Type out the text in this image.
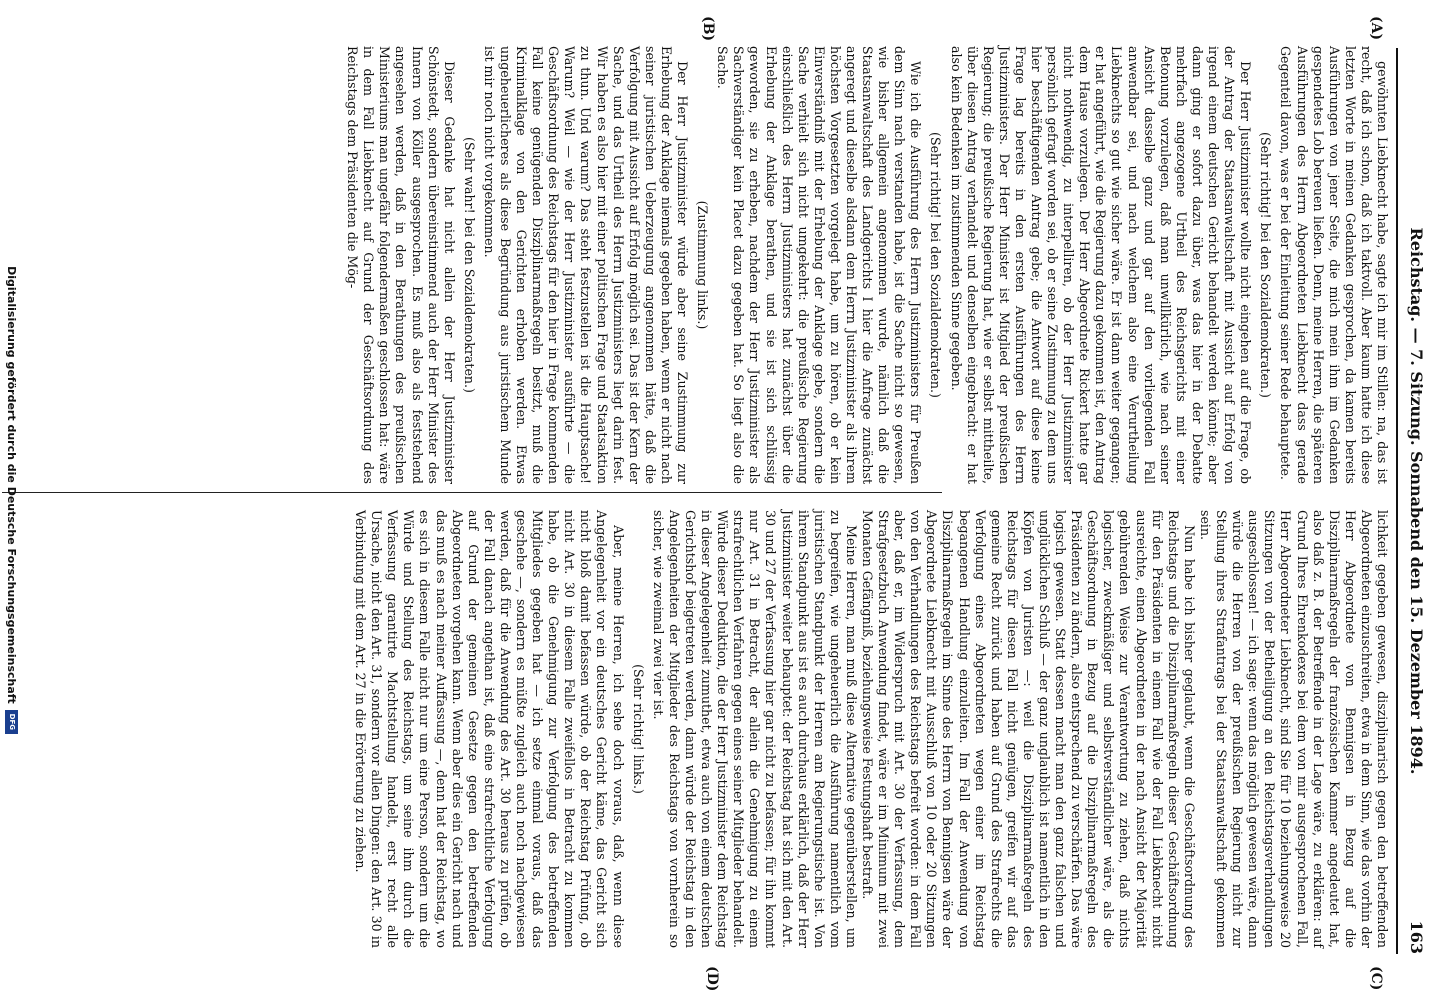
Reichstag. — 7. Sitzung. Sonnabend den 15. Dezember 1894.
163
(A)
(B)
(C)
(D)

gewöhnten Liebknecht habe, sagte ich mir im Stillen: na, das ist recht, daß ich schon, daß ich taktvoll. Aber kaum hatte ich diese letzten Worte in meinen Gedanken gesprochen, da kamen bereits Ausführungen von jener Seite, die mich mein ihm im Gedanken gespendetes Lob bereuen ließen. Denn, meine Herren, die späteren Ausführungen des Herrn Abgeordneten Liebknecht dass gerade Gegenteil davon, was er bei der Einleitung seiner Rede behauptete.

(Sehr richtig! bei den Sozialdemokraten.)

Der Herr Justizminister wollte nicht eingehen auf die Frage, ob der Antrag der Staatsanwaltschaft mit Aussicht auf Erfolg von irgend einem deutschen Gericht behandelt werden könnte; aber dann ging er sofort dazu über, was das hier in der Debatte mehrfach angezogene Urtheil des Reichsgerichts mit einer Betonung vorzulegen, daß man unwillkürlich, wie nach seiner Ansicht dasselbe ganz und gar auf den vorliegenden Fall anwendbar sei, und nach welchem also eine Verurtheilung Liebknechts so gut wie sicher wäre. Er ist dann weiter gegangen; er hat angeführt, wie die Regierung dazu gekommen ist, den Antrag dem Hause vorzulegen. Der Herr Abgeordnete Rickert hatte gar nicht nothwendig, zu interpelliren, ob der Herr Justizminister persönlich gefragt worden sei, ob er seine Zustimmung zu dem uns hier beschäftigenden Antrag gebe; die Antwort auf diese keine Frage lag bereits in den ersten Ausführungen des Herrn Justizministers. Der Herr Minister ist Mitglied der preußischen Regierung; die preußische Regierung hat, wie er selbst mittheilte, über diesen Antrag verhandelt und denselben eingebracht: er hat also kein Bedenken im zustimmenden Sinne gegeben.

(Sehr richtig! bei den Sozialdemokraten.)

Wie ich die Ausführung des Herrn Justizministers für Preußen dem Sinn nach verstanden habe, ist die Sache nicht so gewesen, wie bisher allgemein angenommen wurde, nämlich daß die Staatsanwaltschaft des Landgerichts I hier die Anfrage zunächst angeregt und dieselbe alsdann dem Herrn Justizminister als ihrem höchsten Vorgesetzten vorgelegt habe, um zu hören, ob er kein Einverständniß mit der Erhebung der Anklage gebe, sondern die Sache verhielt sich nicht umgekehrt: die preußische Regierung einschließlich des Herrn Justizministers hat zunächst über die Erhebung der Anklage berathen, und sie ist sich schlüssig geworden, sie zu erheben, nachdem der Herr Justizminister als Sachverständiger kein Placet dazu gegeben hat. So liegt also die Sache.

(Zustimmung links.)

Der Herr Justizminister würde aber seine Zustimmung zur Erhebung der Anklage niemals gegeben haben, wenn er nicht nach seiner juristischen Ueberzeugung angenommen hätte, daß die Verfolgung mit Aussicht auf Erfolg möglich sei. Das ist der Kern der Sache, und das Urtheil des Herrn Justizministers liegt darin fest. Wir haben es also hier mit einer politischen Frage und Staatsaktion zu thun. Und warum? Das steht festzustellen ist die Hauptsache! Warum? Weil — wie der Herr Justizminister ausführte — die Geschäftsordnung des Reichstags für den hier in Frage kommenden Fall keine genügenden Disziplinarmaßregeln besitzt, muß die Kriminalklage von den Gerichten erhoben werden. Etwas ungeheuerlicheres als diese Begründung aus juristischem Munde ist mir noch nicht vorgekommen.

(Sehr wahr! bei den Sozialdemokraten.)

Dieser Gedanke hat nicht allein der Herr Justizminister Schönstedt, sondern übereinstimmend auch der Herr Minister des Innern von Köller ausgesprochen. Es muß also als feststehend angesehen werden, daß in den Berathungen des preußischen Ministeriums man ungefähr folgendermaßen geschlossen hat: wäre in dem Fall Liebknecht auf Grund der Geschäftsordnung des Reichstags dem Präsidenten die Mög-

lichkeit gegeben gewesen, disziplinarisch gegen den betreffenden Abgeordneten einzuschreiten, etwa in dem Sinn, wie das vorhin der Herr Abgeordnete von Bennigsen in Bezug auf die Disziplinarmaßregeln der französischen Kammer angedeutet hat, also daß z. B. der Betreffende in der Lage wäre, zu erklären: auf Grund Ihres Ehrenkodexes bei dem von mir ausgesprochenen Fall, Herr Abgeordneter Liebknecht, sind Sie für 10 beziehungsweise 20 Sitzungen von der Betheiligung an den Reichstagsverhandlungen ausgeschlossen! — ich sage: wenn das möglich gewesen wäre, dann würde die Herren von der preußischen Regierung nicht zur Stellung ihres Strafantrags bei der Staatsanwaltschaft gekommen sein.

Nun habe ich bisher geglaubt, wenn die Geschäftsordnung des Reichstags und die Disziplinarmaßregeln dieser Geschäftsordnung für den Präsidenten in einem Fall wie der Fall Liebknecht nicht ausreichte, einen Abgeordneten in der nach Ansicht der Majorität gebührenden Weise zur Verantwortung zu ziehen, daß nichts logischer, zweckmäßiger und selbstverständlicher wäre, als die Geschäftsordnung in Bezug auf die Disziplinarmaßregeln des Präsidenten zu ändern, also entsprechend zu verschärfen. Das wäre logisch gewesen. Statt dessen macht man den ganz falschen und unglücklichen Schluß — der ganz unglaublich ist namentlich in den Köpfen von Juristen —: weil die Disziplinarmaßregeln des Reichstags für diesen Fall nicht genügen, greifen wir auf das gemeine Recht zurück und haben auf Grund des Strafrechts die Verfolgung eines Abgeordneten wegen einer im Reichstag begangenen Handlung einzuleiten. Im Fall der Anwendung von Disziplinarmaßregeln im Sinne des Herrn von Bennigsen wäre der Abgeordnete Liebknecht mit Ausschluß von 10 oder 20 Sitzungen von den Verhandlungen des Reichstags befreit worden: in dem Fall aber, daß er, im Widerspruch mit Art. 30 der Verfassung, dem Strafgesetzbuch Anwendung findet, wäre er im Minimum mit zwei Monaten Gefängniß, beziehungsweise Festungshaft bestraft.

Meine Herren, man muß diese Alternative gegenüberstellen, um zu begreifen, wie ungeheuerlich die Ausführung namentlich vom juristischen Standpunkt der Herren am Regierungstische ist. Von ihrem Standpunkt aus ist es auch durchaus erklärlich, daß der Herr Justizminister weiter behauptet: der Reichstag hat sich mit den Art. 30 und 27 der Verfassung hier gar nicht zu befassen; für ihn kommt nur Art. 31 in Betracht, der allein die Genehmigung zu einem strafrechtlichen Verfahren gegen eines seiner Mitglieder behandelt. Würde dieser Deduktion, die der Herr Justizminister dem Reichstag in dieser Angelegenheit zumuthet, etwa auch von einem deutschen Gerichtshof beigetreten werden, dann würde der Reichstag in den Angelegenheiten der Mitglieder des Reichstags von vornherein so sicher, wie zweimal zwei vier ist.

(Sehr richtig! links.)

Aber, meine Herren, ich sehe doch voraus, daß, wenn diese Angelegenheit vor ein deutsches Gericht käme, das Gericht sich nicht bloß damit befassen würde, ob der Reichstag Prüfung, ob nicht Art. 30 in diesem Falle zweifellos in Betracht zu kommen habe, ob die Genehmigung zur Verfolgung des betreffenden Mitgliedes gegeben hat — ich setze einmal voraus, daß das geschehe —, sondern es müßte zugleich auch noch nachgewiesen werden, daß für die Anwendung des Art. 30 heraus zu prüfen, ob der Fall danach angethan ist, daß eine strafrechtliche Verfolgung auf Grund der gemeinen Gesetze gegen den betreffenden Abgeordneten vorgehen kann. Wenn aber dies ein Gericht nach und das muß es nach meiner Auffassung —, denn hat der Reichstag, wo es sich in diesem Falle nicht nur um eine Person, sondern um die Würde und Stellung des Reichstags, um seine ihm durch die Verfassung garantirte Machtstellung handelt, erst recht alle Ursache, nicht den Art. 31, sondern vor allen Dingen: den Art. 30 in Verbindung mit dem Art. 27 in die Erörterung zu ziehen.

Digitalisierung gefördert durch die Deutsche Forschungsgemeinschaft
DFG
